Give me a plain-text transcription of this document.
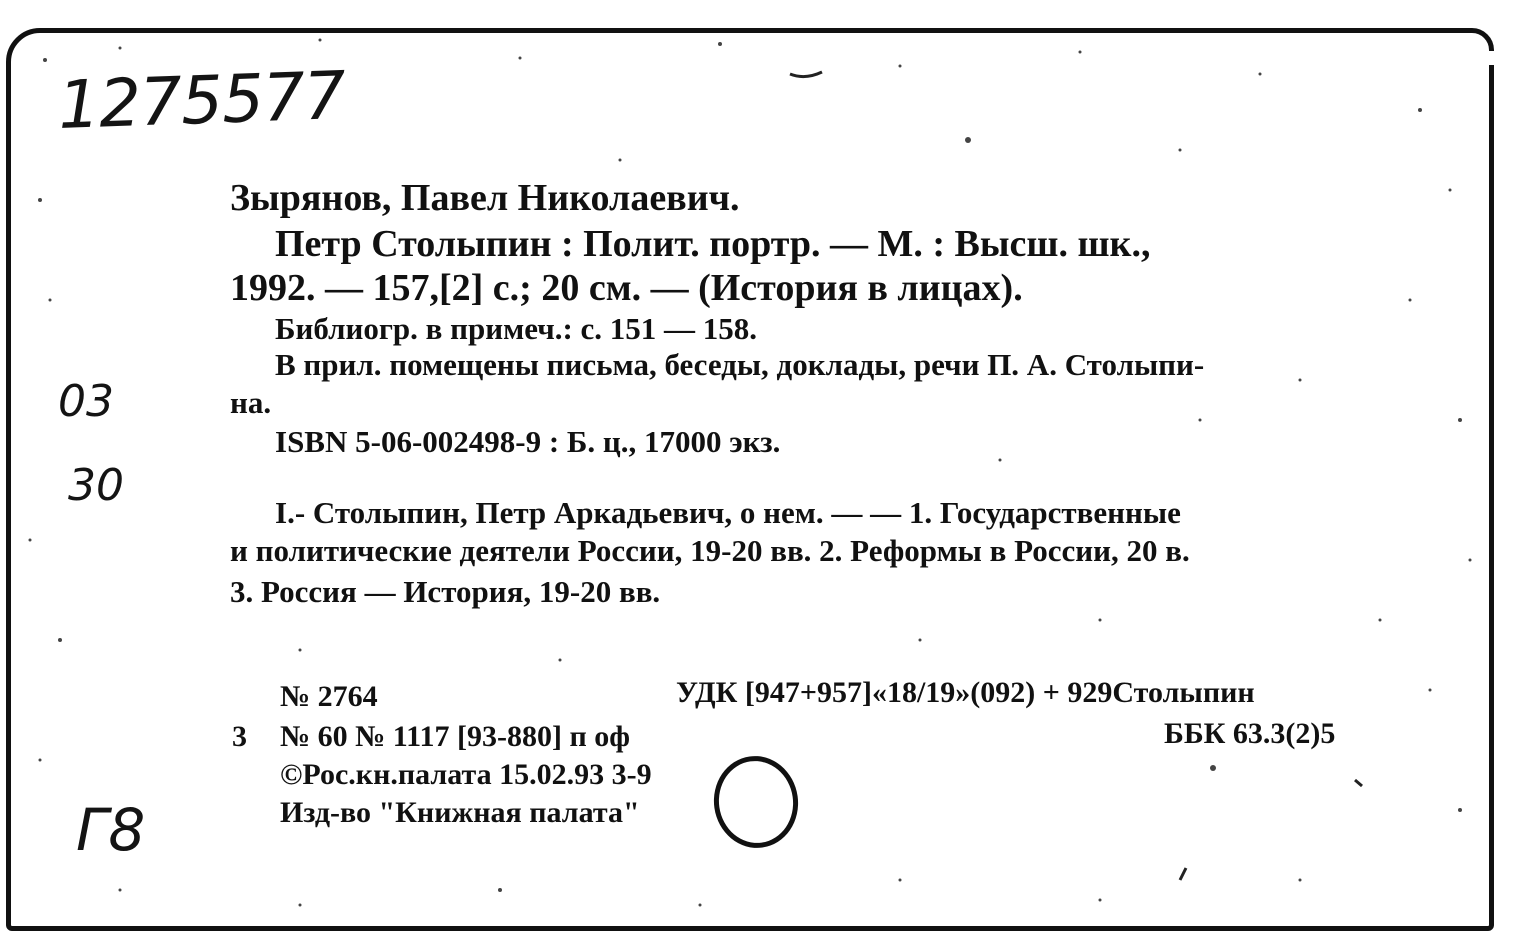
1275577
03
30
Г8
Зырянов, Павел Николаевич.
Петр Столыпин : Полит. портр. — М. : Высш. шк.,
1992. — 157,[2] с.; 20 см. — (История в лицах).
Библиогр. в примеч.: с. 151 — 158.
В прил. помещены письма, беседы, доклады, речи П. А. Столыпи-
на.
ISBN 5-06-002498-9 : Б. ц., 17000 экз.
I.- Столыпин, Петр Аркадьевич, о нем. — — 1. Государственные
и политические деятели России, 19-20 вв. 2. Реформы в России, 20 в.
3. Россия — История, 19-20 вв.
№ 2764	УДК [947+957]«18/19»(092) + 929Столыпин
3 № 60 № 1117 [93-880] п оф	ББК 63.3(2)5
©Рос.кн.палата 15.02.93 3-9
Изд-во "Книжная палата"
